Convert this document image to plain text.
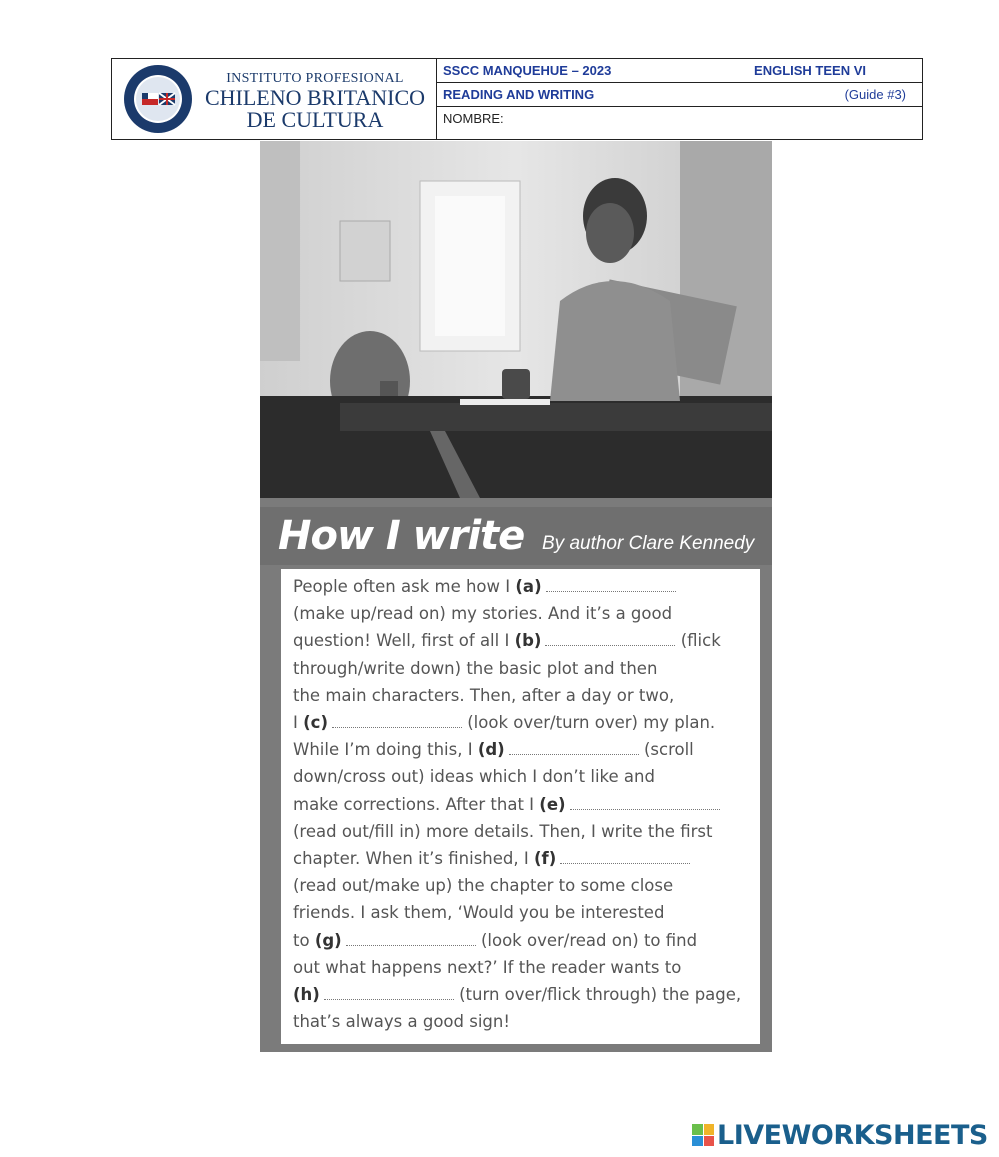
INSTITUTO PROFESIONAL
CHILENO BRITANICO
DE CULTURA
SSCC MANQUEHUE – 2023	ENGLISH TEEN VI
READING AND WRITING	(Guide #3)
NOMBRE:
How I write By author Clare Kennedy
People often ask me how I (a)
(make up/read on) my stories. And it’s a good
question! Well, first of all I (b)	(flick
through/write down) the basic plot and then
the main characters. Then, after a day or two,
I (c)	(look over/turn over) my plan.
While I’m doing this, I (d)	(scroll
down/cross out) ideas which I don’t like and
make corrections. After that I (e)
(read out/fill in) more details. Then, I write the first
chapter. When it’s finished, I (f)
(read out/make up) the chapter to some close
friends. I ask them, ‘Would you be interested
to (g)	(look over/read on) to find
out what happens next?’ If the reader wants to
(h)	(turn over/flick through) the page,
that’s always a good sign!
LIVEWORKSHEETS
